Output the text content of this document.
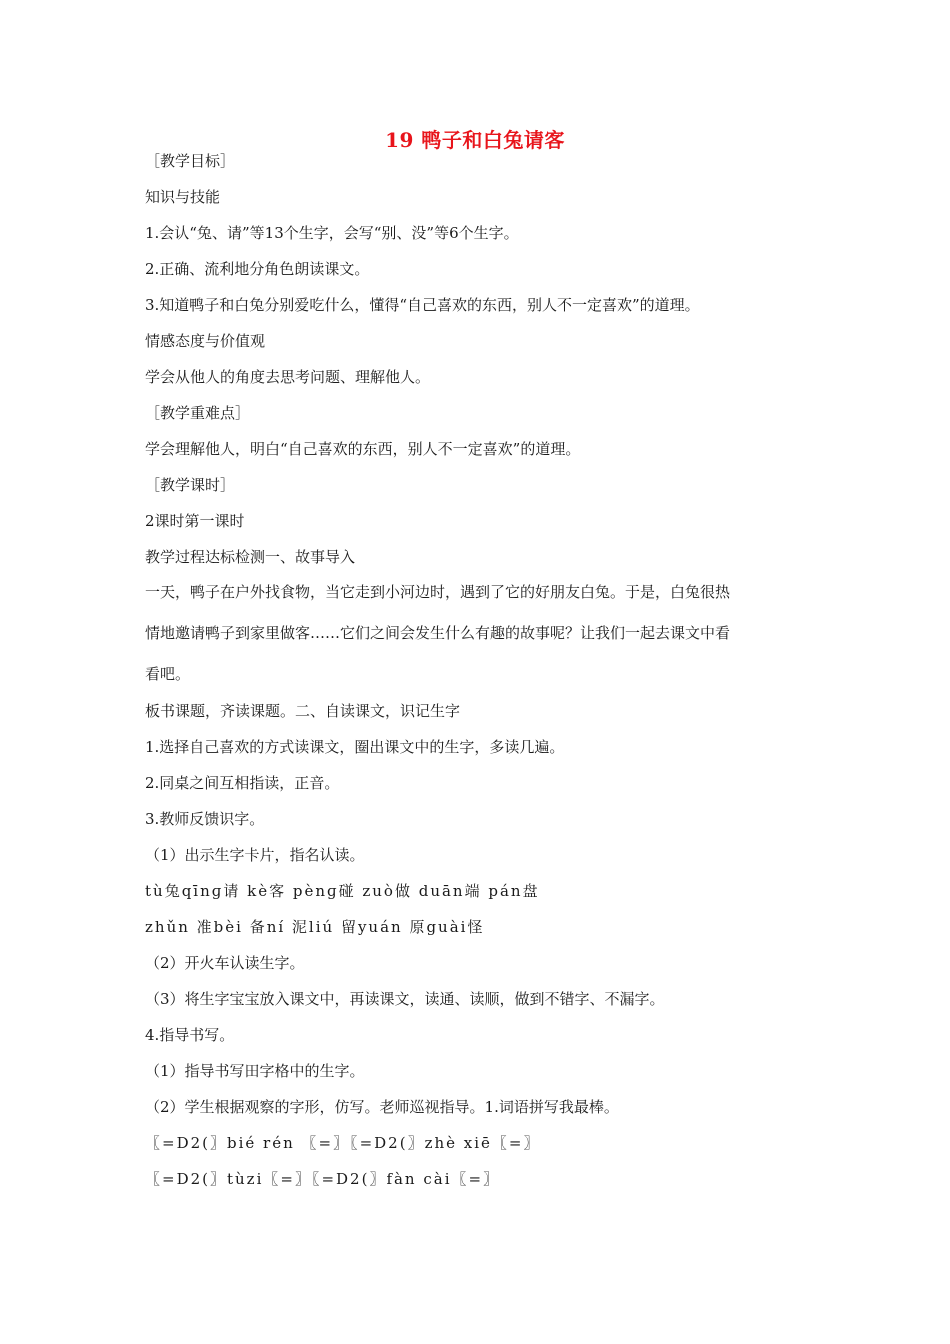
19 鸭子和白兔请客
［教学目标］
知识与技能
1.会认“兔、请”等13个生字，会写“别、没”等6个生字。
2.正确、流利地分角色朗读课文。
3.知道鸭子和白兔分别爱吃什么，懂得“自己喜欢的东西，别人不一定喜欢”的道理。
情感态度与价值观
学会从他人的角度去思考问题、理解他人。
［教学重难点］
学会理解他人，明白“自己喜欢的东西，别人不一定喜欢”的道理。
［教学课时］
2课时第一课时
教学过程达标检测一、故事导入
一天，鸭子在户外找食物，当它走到小河边时，遇到了它的好朋友白兔。于是，白兔很热
情地邀请鸭子到家里做客……它们之间会发生什么有趣的故事呢？让我们一起去课文中看
看吧。
板书课题，齐读课题。二、自读课文，识记生字
1.选择自己喜欢的方式读课文，圈出课文中的生字，多读几遍。
2.同桌之间互相指读，正音。
3.教师反馈识字。
（1）出示生字卡片，指名认读。
tù兔qīnɡ请 kè客 pènɡ碰 zuò做 duān端 pán盘
zhǔn 准bèi 备ní 泥liú 留yuán 原guài怪
（2）开火车认读生字。
（3）将生字宝宝放入课文中，再读课文，读通、读顺，做到不错字、不漏字。
4.指导书写。
（1）指导书写田字格中的生字。
（2）学生根据观察的字形，仿写。老师巡视指导。1.词语拼写我最棒。
〖=D2(〗bié rén 〖=〗〖=D2(〗zhè xiē〖=〗
〖=D2(〗tùzi〖=〗〖=D2(〗fàn cài〖=〗
